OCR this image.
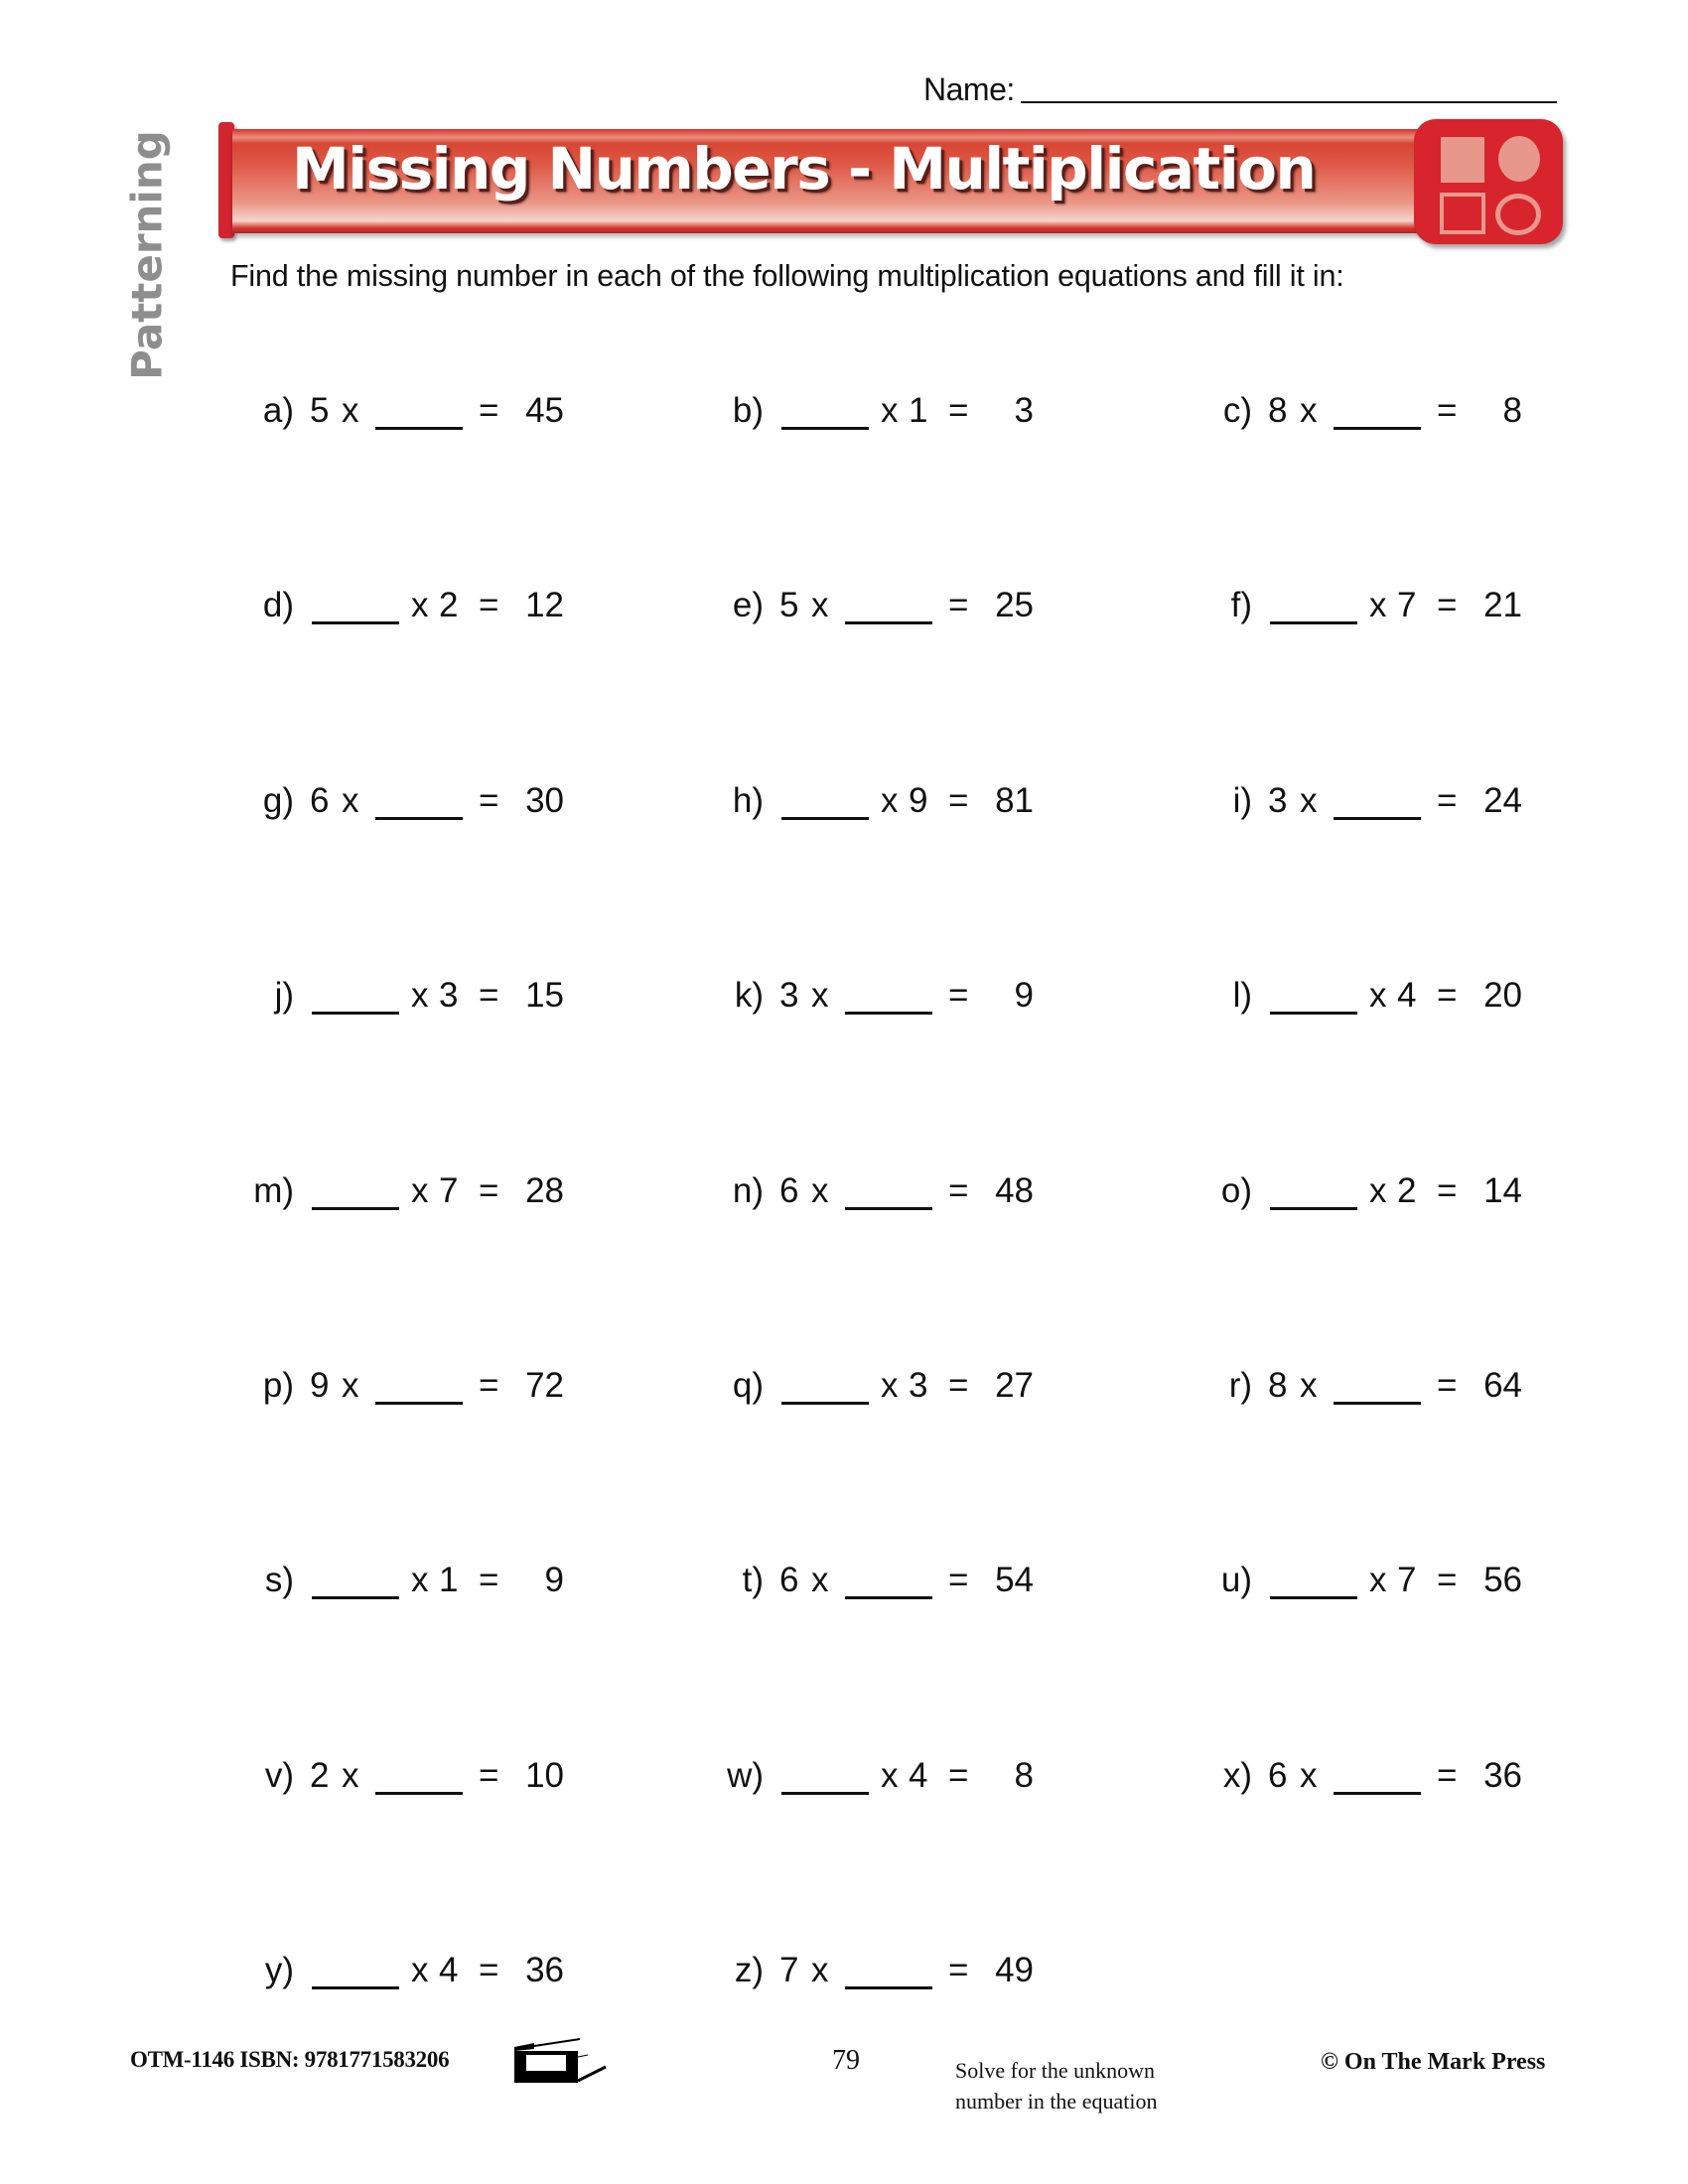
Name:
Patterning Missing Numbers - Multiplication
Find the missing number in each of the following multiplication equations and fill it in:
a) 5 x	= 45	b)	x 1 = 3	c) 8 x	= 8
d)	x 2 = 12	e) 5 x	= 25	f)	x 7 = 21
g) 6 x	= 30	h)	x 9 = 81	i) 3 x	= 24
j)	x 3 = 15	k) 3 x	= 9	l)	x 4 = 20
m)	x 7 = 28	n) 6 x	= 48	o)	x 2 = 14
p) 9 x	= 72	q)	x 3 = 27	r) 8 x	= 64
s)	x 1 = 9	t) 6 x	= 54	u)	x 7 = 56
v) 2 x	= 10	w)	x 4 = 8	x) 6 x	= 36
y)	x 4 = 36	z) 7 x	= 49
OTM-1146 ISBN: 9781771583206	79	Solve for the unknown
number in the equation
© On The Mark Press
